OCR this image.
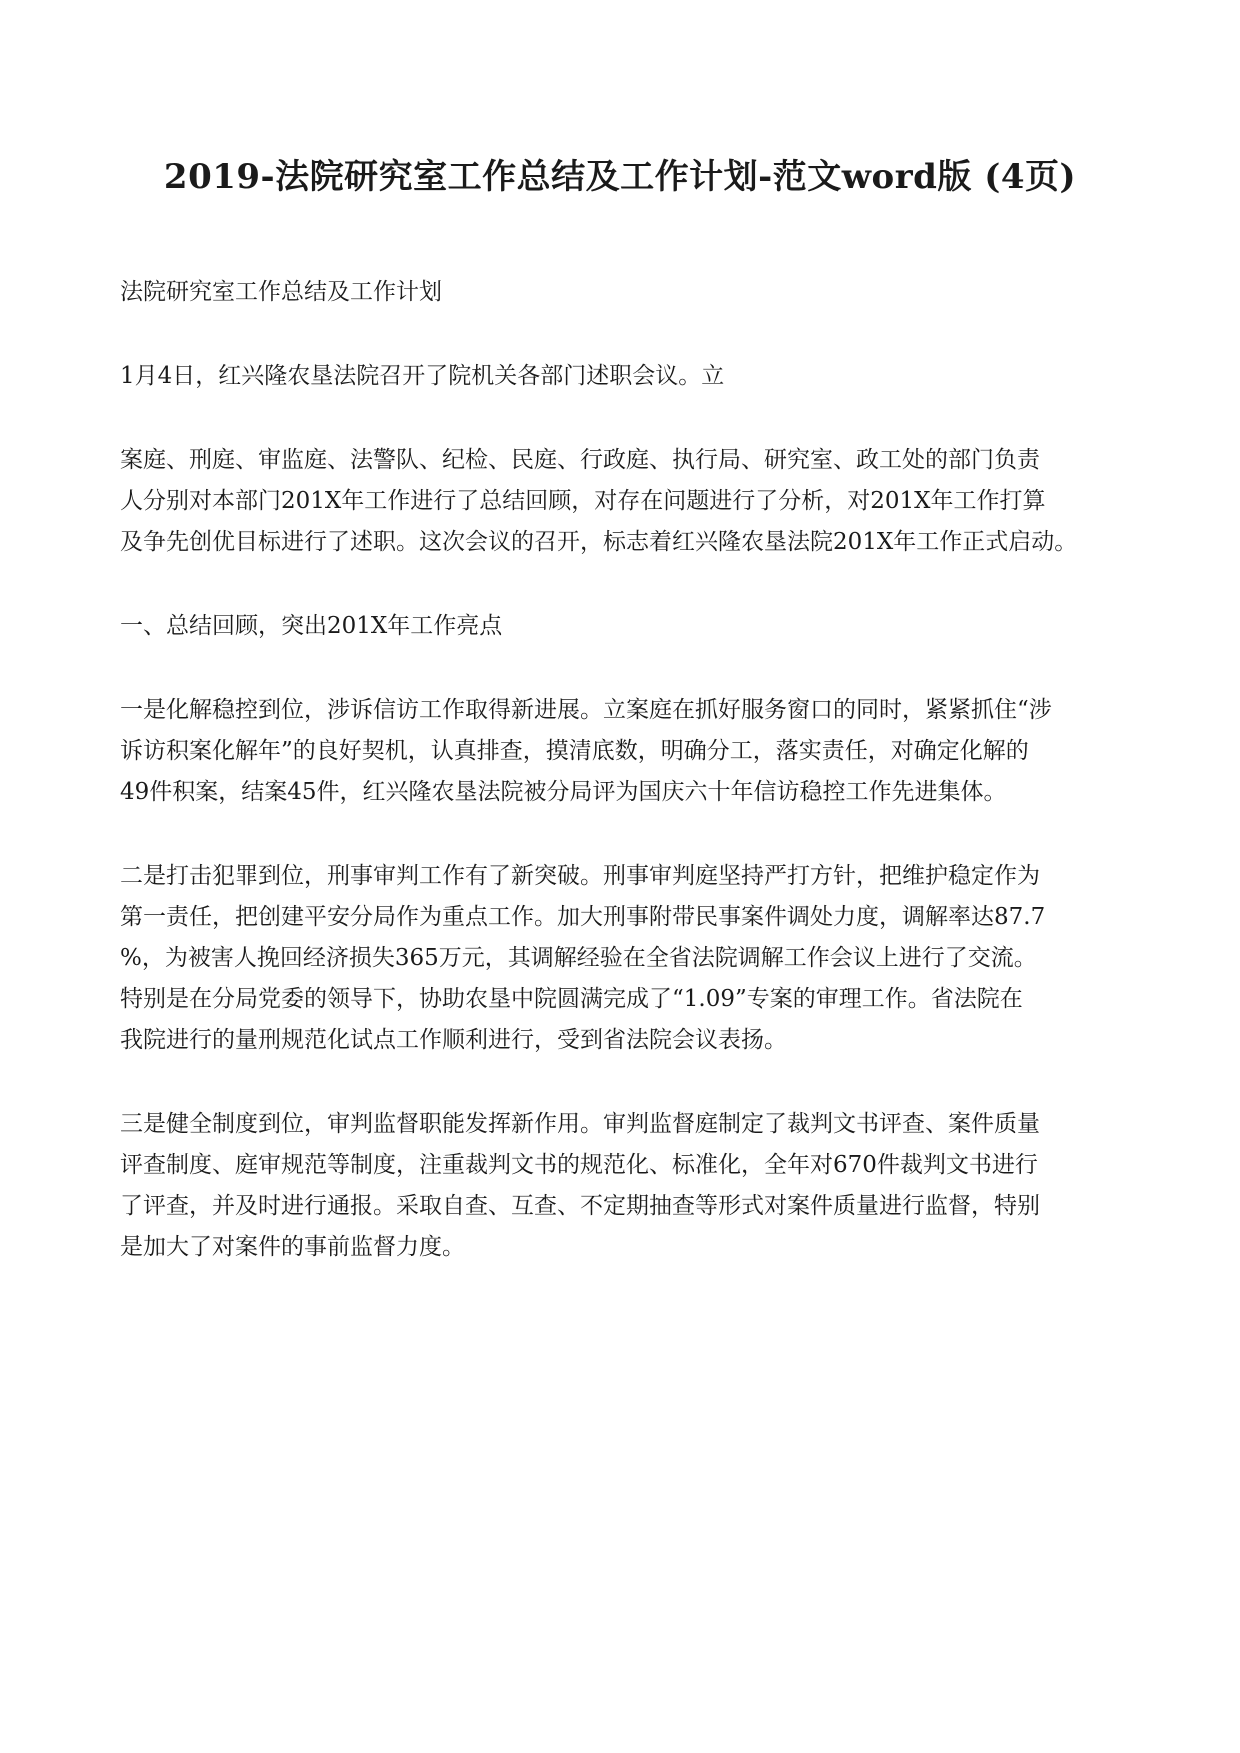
2019-法院研究室工作总结及工作计划-范文word版 (4页)
法院研究室工作总结及工作计划
1月4日，红兴隆农垦法院召开了院机关各部门述职会议。立
案庭、刑庭、审监庭、法警队、纪检、民庭、行政庭、执行局、研究室、政工处的部门负责
人分别对本部门201X年工作进行了总结回顾，对存在问题进行了分析，对201X年工作打算
及争先创优目标进行了述职。这次会议的召开，标志着红兴隆农垦法院201X年工作正式启动。
一、总结回顾，突出201X年工作亮点
一是化解稳控到位，涉诉信访工作取得新进展。立案庭在抓好服务窗口的同时，紧紧抓住“涉
诉访积案化解年”的良好契机，认真排查，摸清底数，明确分工，落实责任，对确定化解的
49件积案，结案45件，红兴隆农垦法院被分局评为国庆六十年信访稳控工作先进集体。
二是打击犯罪到位，刑事审判工作有了新突破。刑事审判庭坚持严打方针，把维护稳定作为
第一责任，把创建平安分局作为重点工作。加大刑事附带民事案件调处力度，调解率达87.7
%，为被害人挽回经济损失365万元，其调解经验在全省法院调解工作会议上进行了交流。
特别是在分局党委的领导下，协助农垦中院圆满完成了“1.09”专案的审理工作。省法院在
我院进行的量刑规范化试点工作顺利进行，受到省法院会议表扬。
三是健全制度到位，审判监督职能发挥新作用。审判监督庭制定了裁判文书评查、案件质量
评查制度、庭审规范等制度，注重裁判文书的规范化、标准化，全年对670件裁判文书进行
了评查，并及时进行通报。采取自查、互查、不定期抽查等形式对案件质量进行监督，特别
是加大了对案件的事前监督力度。
